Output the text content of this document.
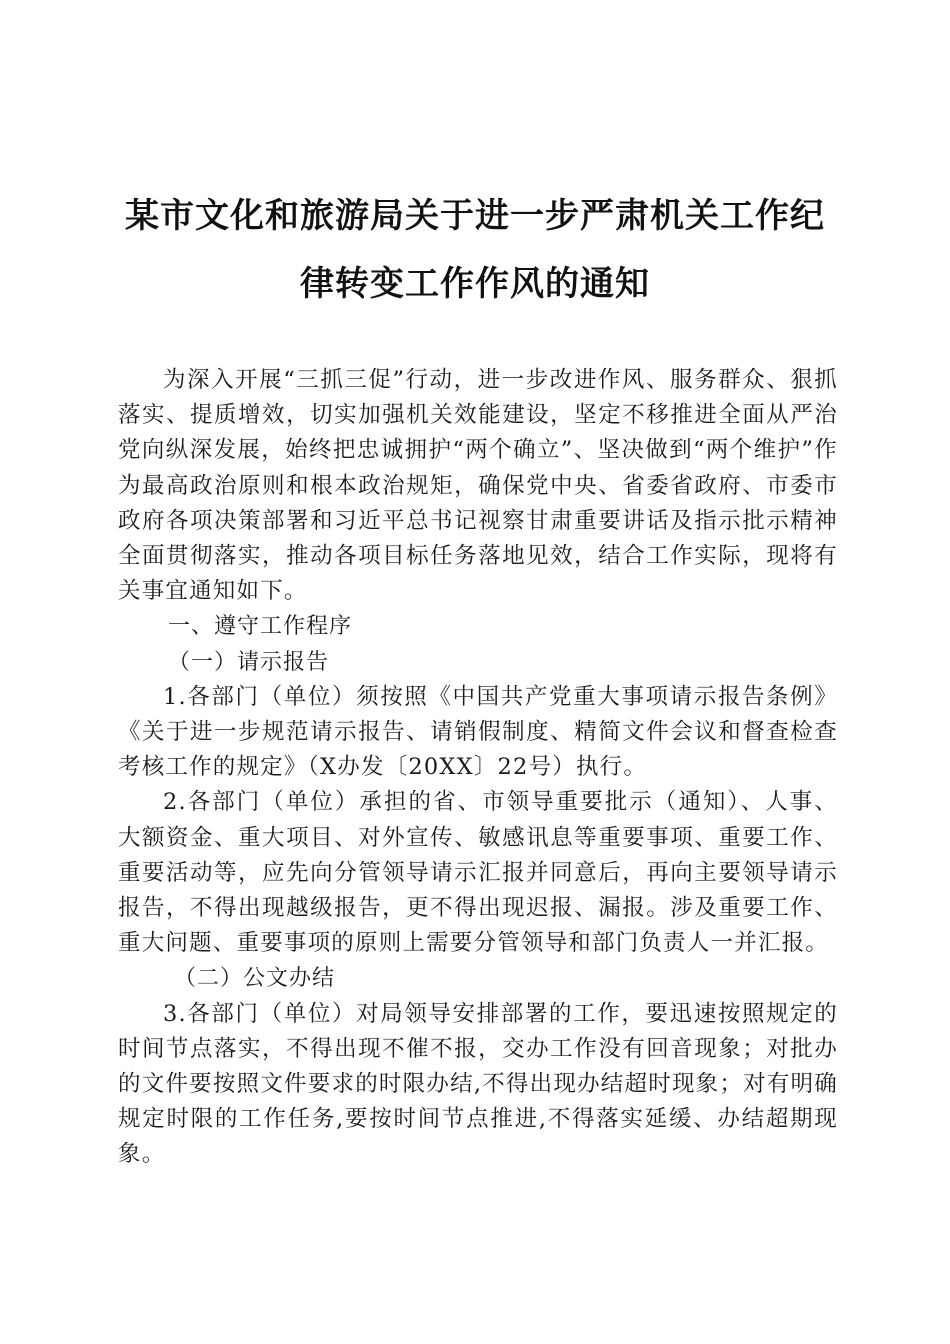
某市文化和旅游局关于进一步严肃机关工作纪
律转变工作作风的通知

为深入开展“三抓三促”行动，进一步改进作风、服务群众、狠抓落实、提质增效，切实加强机关效能建设，坚定不移推进全面从严治党向纵深发展，始终把忠诚拥护“两个确立”、坚决做到“两个维护”作为最高政治原则和根本政治规矩，确保党中央、省委省政府、市委市政府各项决策部署和习近平总书记视察甘肃重要讲话及指示批示精神全面贯彻落实，推动各项目标任务落地见效，结合工作实际，现将有关事宜通知如下。

一、遵守工作程序

（一）请示报告

1.各部门（单位）须按照《中国共产党重大事项请示报告条例》《关于进一步规范请示报告、请销假制度、精简文件会议和督查检查考核工作的规定》（X办发〔20XX〕22号）执行。

2.各部门（单位）承担的省、市领导重要批示（通知）、人事、大额资金、重大项目、对外宣传、敏感讯息等重要事项、重要工作、重要活动等，应先向分管领导请示汇报并同意后，再向主要领导请示报告，不得出现越级报告，更不得出现迟报、漏报。涉及重要工作、重大问题、重要事项的原则上需要分管领导和部门负责人一并汇报。

（二）公文办结

3.各部门（单位）对局领导安排部署的工作，要迅速按照规定的时间节点落实，不得出现不催不报，交办工作没有回音现象；对批办的文件要按照文件要求的时限办结,不得出现办结超时现象；对有明确规定时限的工作任务,要按时间节点推进,不得落实延缓、办结超期现象。
